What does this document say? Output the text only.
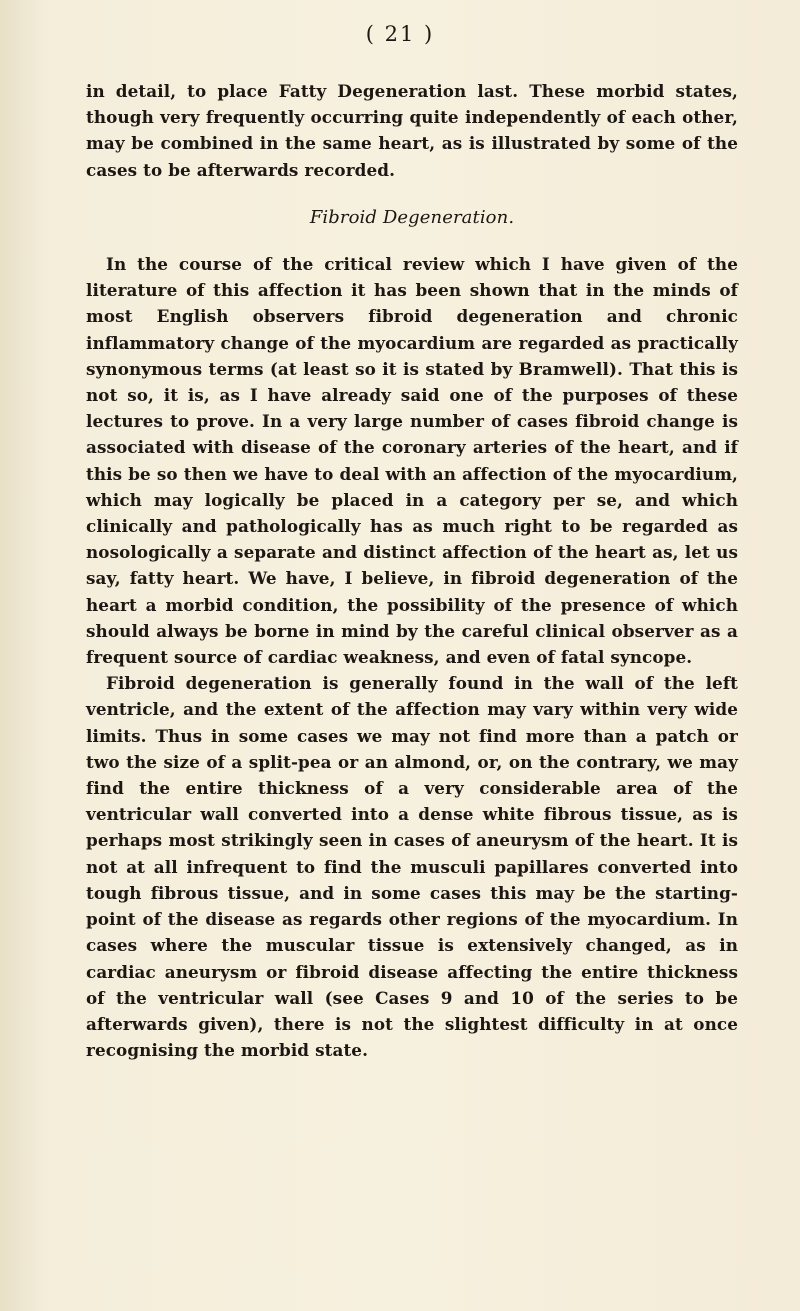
( 21 )

in detail, to place Fatty Degeneration last. These morbid states, though very frequently occurring quite independently of each other, may be combined in the same heart, as is illustrated by some of the cases to be afterwards recorded.

Fibroid Degeneration.

In the course of the critical review which I have given of the literature of this affection it has been shown that in the minds of most English observers fibroid degeneration and chronic inflammatory change of the myocardium are regarded as practically synonymous terms (at least so it is stated by Bramwell). That this is not so, it is, as I have already said one of the purposes of these lectures to prove. In a very large number of cases fibroid change is associated with disease of the coronary arteries of the heart, and if this be so then we have to deal with an affection of the myocardium, which may logically be placed in a category per se, and which clinically and pathologically has as much right to be regarded as nosologically a separate and distinct affection of the heart as, let us say, fatty heart. We have, I believe, in fibroid degeneration of the heart a morbid condition, the possibility of the presence of which should always be borne in mind by the careful clinical observer as a frequent source of cardiac weakness, and even of fatal syncope.

Fibroid degeneration is generally found in the wall of the left ventricle, and the extent of the affection may vary within very wide limits. Thus in some cases we may not find more than a patch or two the size of a split-pea or an almond, or, on the contrary, we may find the entire thickness of a very considerable area of the ventricular wall converted into a dense white fibrous tissue, as is perhaps most strikingly seen in cases of aneurysm of the heart. It is not at all infrequent to find the musculi papillares converted into tough fibrous tissue, and in some cases this may be the starting-point of the disease as regards other regions of the myocardium. In cases where the muscular tissue is extensively changed, as in cardiac aneurysm or fibroid disease affecting the entire thickness of the ventricular wall (see Cases 9 and 10 of the series to be afterwards given), there is not the slightest difficulty in at once recognising the morbid state.
